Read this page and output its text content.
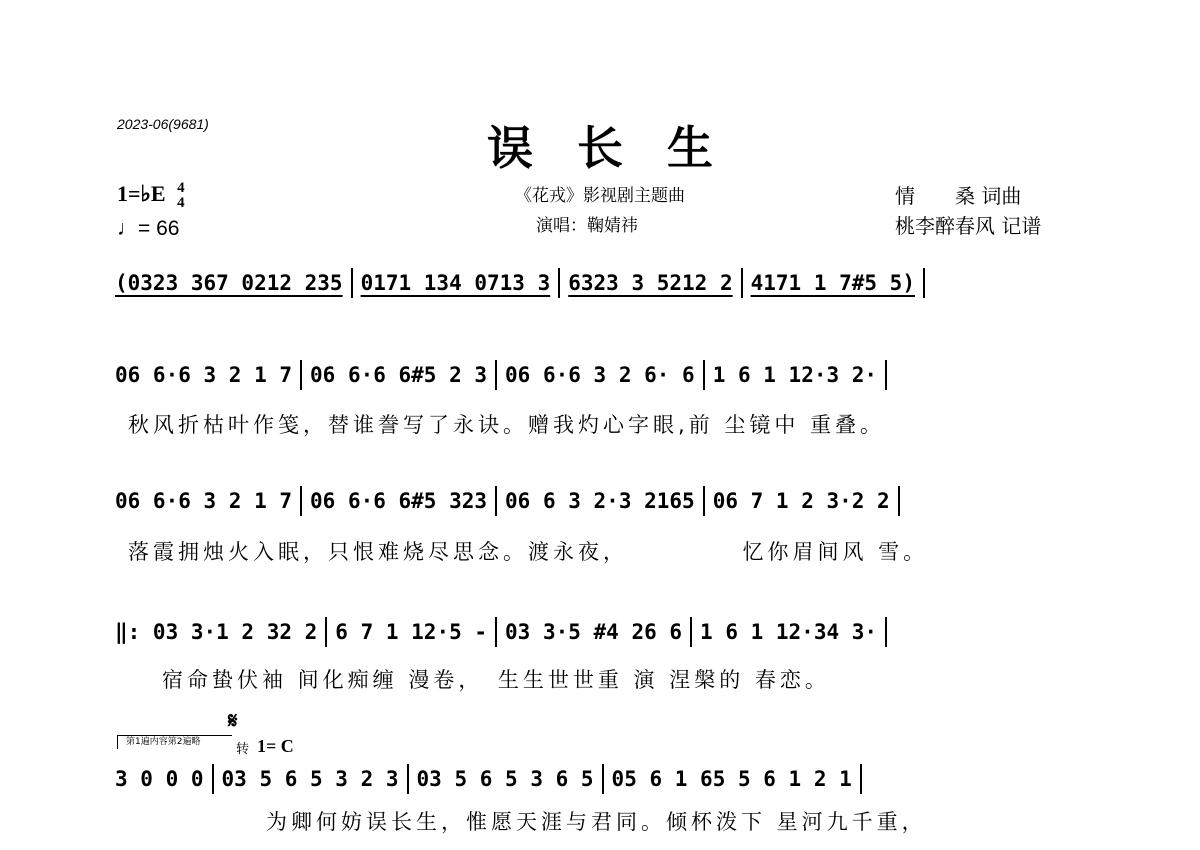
2023-06(9681)	误长生
1=♭E 4
4
♩= 66
《花戎》影视剧主题曲
演唱：鞠婧祎
情　　桑 词曲
桃李醉春风 记谱
(0323 367 0212 235 0171 134 0713 3 6323 3 5212 2 4171 1 7#5 5)
06 6·6 3 2 1 7 06 6·6 6#5 2 3 06 6·6 3 2 6· 6 1 6 1 12·3 2·
秋风折枯叶作笺，替谁誊写了永诀。赠我灼心字眼,前 尘镜中 重叠。
06 6·6 3 2 1 7 06 6·6 6#5 323 06 6 3 2·3 2165 06 7 1 2 3·2 2
落霞拥烛火入眠，只恨难烧尽思念。渡永夜，　　　　　忆你眉间风 雪。
‖: 03 3·1 2 32 2 6 7 1 12·5 - 03 3·5 #4 26 6 1 6 1 12·34 3·
宿命蛰伏袖 间化痴缠 漫卷，　生生世世重 演 涅槃的 春恋。
第1遍内容第2遍略
𝄋
转 1= C
3 0 0 0 03 5 6 5 3 2 3 03 5 6 5 3 6 5 05 6 1 65 5 6 1 2 1
为卿何妨误长生，惟愿天涯与君同。倾杯泼下 星河九千重，
